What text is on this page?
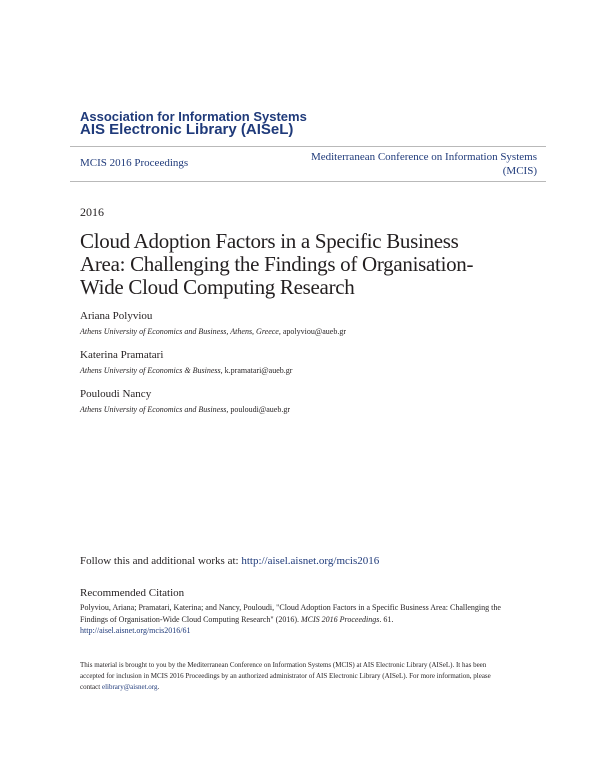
Association for Information Systems
AIS Electronic Library (AISeL)
MCIS 2016 Proceedings	Mediterranean Conference on Information Systems
(MCIS)
2016
Cloud Adoption Factors in a Specific Business
Area: Challenging the Findings of Organisation-
Wide Cloud Computing Research
Ariana Polyviou
Athens University of Economics and Business, Athens, Greece, apolyviou@aueb.gr
Katerina Pramatari
Athens University of Economics & Business, k.pramatari@aueb.gr
Pouloudi Nancy
Athens University of Economics and Business, pouloudi@aueb.gr
Follow this and additional works at: http://aisel.aisnet.org/mcis2016
Recommended Citation
Polyviou, Ariana; Pramatari, Katerina; and Nancy, Pouloudi, "Cloud Adoption Factors in a Specific Business Area: Challenging the
Findings of Organisation-Wide Cloud Computing Research" (2016). MCIS 2016 Proceedings. 61.
http://aisel.aisnet.org/mcis2016/61
This material is brought to you by the Mediterranean Conference on Information Systems (MCIS) at AIS Electronic Library (AISeL). It has been
accepted for inclusion in MCIS 2016 Proceedings by an authorized administrator of AIS Electronic Library (AISeL). For more information, please
contact elibrary@aisnet.org.
